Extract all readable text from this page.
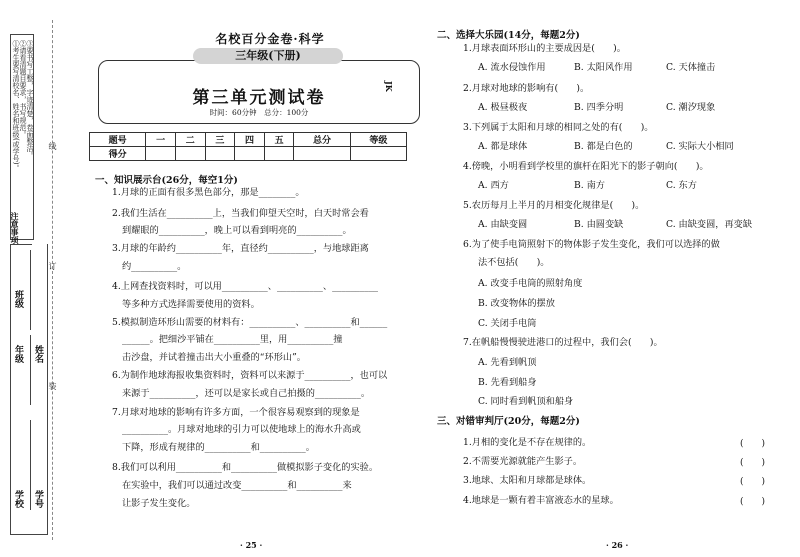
①考生要写清校名、姓名和班级(或学号)。 ②请看清题目要求，书写规范。 ③要书写工整，字迹清楚，卷面整洁。
注意事项
班级
年级 姓名
学校 学号
线
订
装
名校百分金卷·科学
第三单元测试卷
时间：60分钟　总分：100分
JK
三年级(下册)
题号	一	二	三	四	五	总分	等级
得分							
一、知识展示台(26分，每空1分)
1.月球的正面有很多黑色部分，那是________。
2.我们生活在__________上，当我们仰望天空时，白天时常会看
到耀眼的__________，晚上可以看到明亮的__________。
3.月球的年龄约__________年，直径约__________，与地球距离
约__________。
4.上网查找资料时，可以用__________、__________、__________
等多种方式选择需要使用的资料。
5.模拟制造环形山需要的材料有：__________、__________和______
______。把细沙平铺在__________里，用__________撞
击沙盘，并试着撞击出大小重叠的“环形山”。
6.为制作地球海报收集资料时，资料可以来源于__________，也可以
来源于__________，还可以是家长或自己拍摄的__________。
7.月球对地球的影响有许多方面，一个很容易观察到的现象是
__________。月球对地球的引力可以使地球上的海水升高或
下降，形成有规律的__________和__________。
8.我们可以利用__________和__________做模拟影子变化的实验。
在实验中，我们可以通过改变__________和__________来
让影子发生变化。
· 25 ·
二、选择大乐园(14分，每题2分)
1.月球表面环形山的主要成因是(　　)。
A. 流水侵蚀作用	B. 太阳风作用	C. 天体撞击
2.月球对地球的影响有(　　)。
A. 极昼极夜	B. 四季分明	C. 潮汐现象
3.下列属于太阳和月球的相同之处的有(　　)。
A. 都是球体	B. 都是白色的	C. 实际大小相同
4.傍晚，小明看到学校里的旗杆在阳光下的影子朝向(　　)。
A. 西方	B. 南方	C. 东方
5.农历每月上半月的月相变化规律是(　　)。
A. 由缺变圆	B. 由圆变缺	C. 由缺变圆，再变缺
6.为了使手电筒照射下的物体影子发生变化，我们可以选择的做
法不包括(　　)。
A. 改变手电筒的照射角度
B. 改变物体的摆放
C. 关闭手电筒
7.在帆船慢慢驶进港口的过程中，我们会(　　)。
A. 先看到帆顶
B. 先看到船身
C. 同时看到帆顶和船身
三、对错审判厅(20分，每题2分)
1.月相的变化是不存在规律的。	(　　)
2.不需要光源就能产生影子。	(　　)
3.地球、太阳和月球都是球体。	(　　)
4.地球是一颗有着丰富液态水的星球。	(　　)
· 26 ·
